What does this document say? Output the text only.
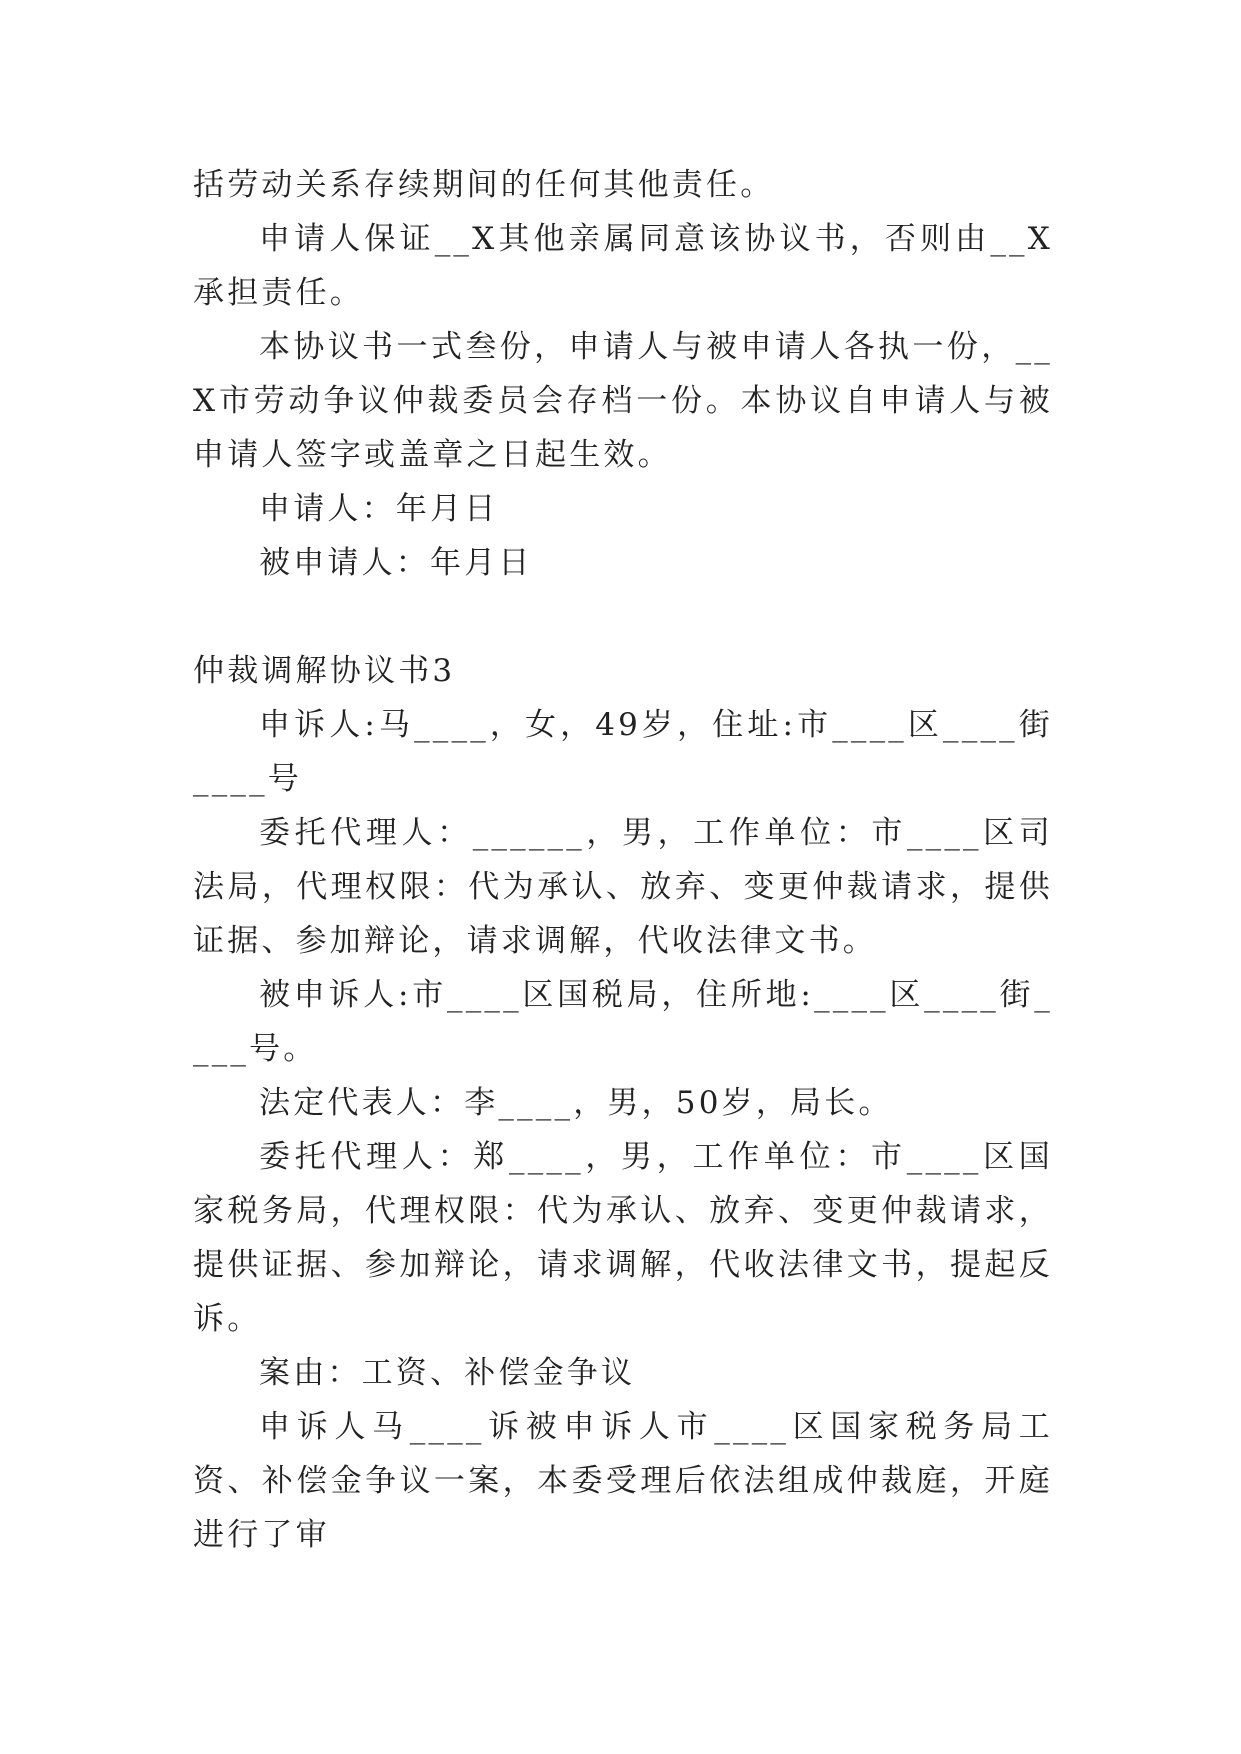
括劳动关系存续期间的任何其他责任。

申请人保证__X其他亲属同意该协议书，否则由__X承担责任。

本协议书一式叁份，申请人与被申请人各执一份，__X市劳动争议仲裁委员会存档一份。本协议自申请人与被申请人签字或盖章之日起生效。

申请人：年月日

被申请人：年月日

仲裁调解协议书3

申诉人:马____，女，49岁，住址:市____区____街____号

委托代理人：______，男，工作单位：市____区司法局，代理权限：代为承认、放弃、变更仲裁请求，提供证据、参加辩论，请求调解，代收法律文书。

被申诉人:市____区国税局，住所地:____区____街____号。

法定代表人：李____，男，50岁，局长。

委托代理人：郑____，男，工作单位：市____区国家税务局，代理权限：代为承认、放弃、变更仲裁请求，提供证据、参加辩论，请求调解，代收法律文书，提起反诉。

案由：工资、补偿金争议

申诉人马____诉被申诉人市____区国家税务局工资、补偿金争议一案，本委受理后依法组成仲裁庭，开庭进行了审
